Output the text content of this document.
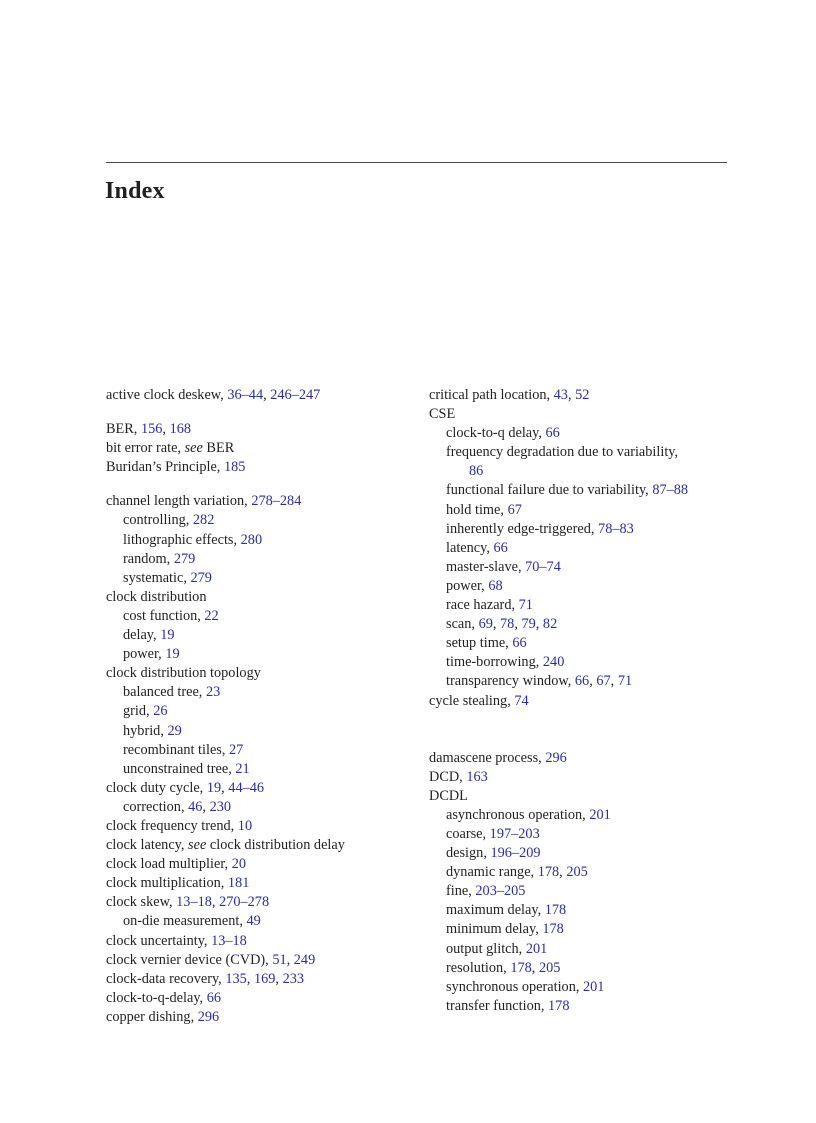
Index
active clock deskew, 36–44, 246–247
BER, 156, 168
bit error rate, see BER
Buridan’s Principle, 185
channel length variation, 278–284
controlling, 282
lithographic effects, 280
random, 279
systematic, 279
clock distribution
cost function, 22
delay, 19
power, 19
clock distribution topology
balanced tree, 23
grid, 26
hybrid, 29
recombinant tiles, 27
unconstrained tree, 21
clock duty cycle, 19, 44–46
correction, 46, 230
clock frequency trend, 10
clock latency, see clock distribution delay
clock load multiplier, 20
clock multiplication, 181
clock skew, 13–18, 270–278
on-die measurement, 49
clock uncertainty, 13–18
clock vernier device (CVD), 51, 249
clock-data recovery, 135, 169, 233
clock-to-q-delay, 66
copper dishing, 296
critical path location, 43, 52
CSE
clock-to-q delay, 66
frequency degradation due to variability,
86
functional failure due to variability, 87–88
hold time, 67
inherently edge-triggered, 78–83
latency, 66
master-slave, 70–74
power, 68
race hazard, 71
scan, 69, 78, 79, 82
setup time, 66
time-borrowing, 240
transparency window, 66, 67, 71
cycle stealing, 74
damascene process, 296
DCD, 163
DCDL
asynchronous operation, 201
coarse, 197–203
design, 196–209
dynamic range, 178, 205
fine, 203–205
maximum delay, 178
minimum delay, 178
output glitch, 201
resolution, 178, 205
synchronous operation, 201
transfer function, 178
